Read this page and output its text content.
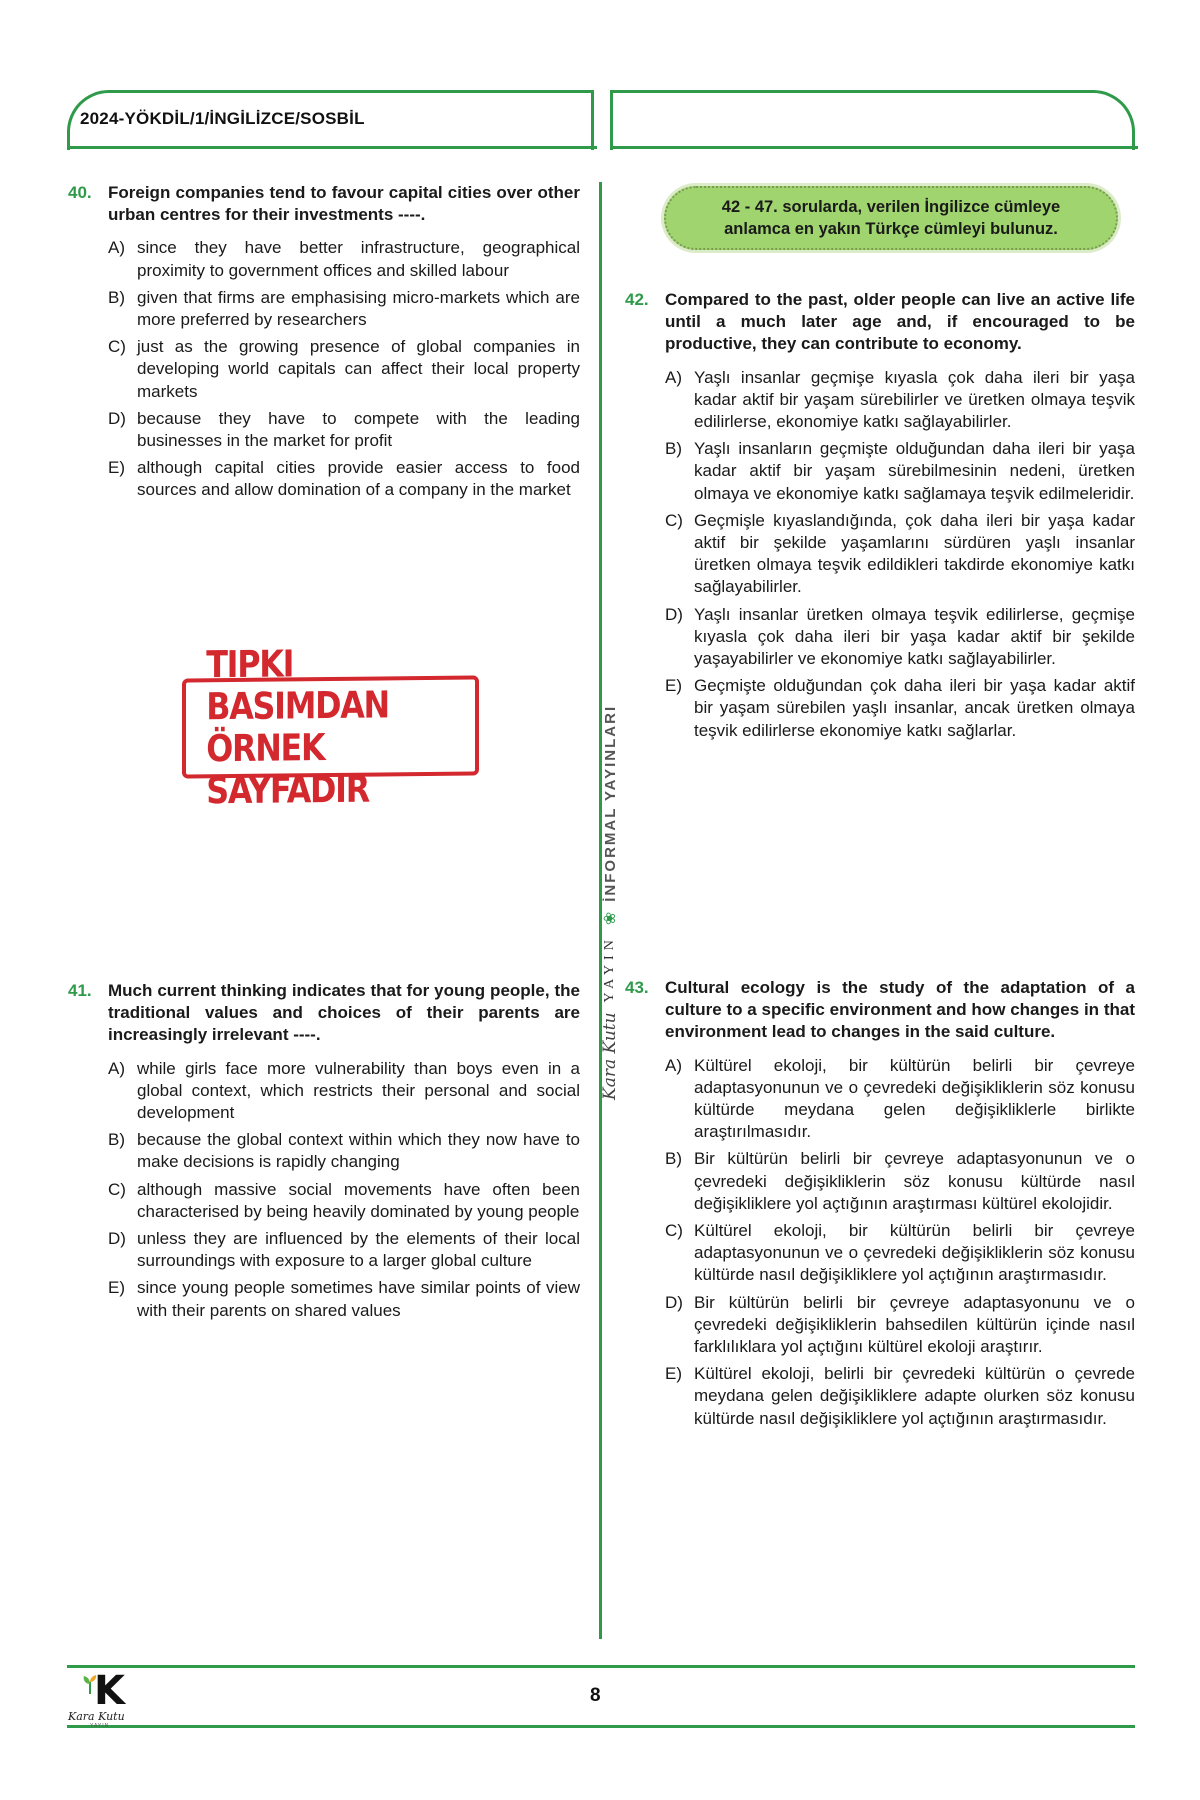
2024-YÖKDİL/1/İNGİLİZCE/SOSBİL
Kara Kutu
YAYIN
❀
İNFORMAL YAYINLARI
40. Foreign companies tend to favour capital cities over other urban centres for their investments ----.
A) since they have better infrastructure, geographical proximity to government offices and skilled labour
B) given that firms are emphasising micro-markets which are more preferred by researchers
C) just as the growing presence of global companies in developing world capitals can affect their local property markets
D) because they have to compete with the leading businesses in the market for profit
E) although capital cities provide easier access to food sources and allow domination of a company in the market
TIPKI BASIMDAN
ÖRNEK SAYFADIR
41. Much current thinking indicates that for young people, the traditional values and choices of their parents are increasingly irrelevant ----.
A) while girls face more vulnerability than boys even in a global context, which restricts their personal and social development
B) because the global context within which they now have to make decisions is rapidly changing
C) although massive social movements have often been characterised by being heavily dominated by young people
D) unless they are influenced by the elements of their local surroundings with exposure to a larger global culture
E) since young people sometimes have similar points of view with their parents on shared values
42 - 47. sorularda, verilen İngilizce cümleye
anlamca en yakın Türkçe cümleyi bulunuz.
42. Compared to the past, older people can live an active life until a much later age and, if encouraged to be productive, they can contribute to economy.
A) Yaşlı insanlar geçmişe kıyasla çok daha ileri bir yaşa kadar aktif bir yaşam sürebilirler ve üretken olmaya teşvik edilirlerse, ekonomiye katkı sağlayabilirler.
B) Yaşlı insanların geçmişte olduğundan daha ileri bir yaşa kadar aktif bir yaşam sürebilmesinin nedeni, üretken olmaya ve ekonomiye katkı sağlamaya teşvik edilmeleridir.
C) Geçmişle kıyaslandığında, çok daha ileri bir yaşa kadar aktif bir şekilde yaşamlarını sürdüren yaşlı insanlar üretken olmaya teşvik edildikleri takdirde ekonomiye katkı sağlayabilirler.
D) Yaşlı insanlar üretken olmaya teşvik edilirlerse, geçmişe kıyasla çok daha ileri bir yaşa kadar aktif bir şekilde yaşayabilirler ve ekonomiye katkı sağlayabilirler.
E) Geçmişte olduğundan çok daha ileri bir yaşa kadar aktif bir yaşam sürebilen yaşlı insanlar, ancak üretken olmaya teşvik edilirlerse ekonomiye katkı sağlarlar.
43. Cultural ecology is the study of the adaptation of a culture to a specific environment and how changes in that environment lead to changes in the said culture.
A) Kültürel ekoloji, bir kültürün belirli bir çevreye adaptasyonunun ve o çevredeki değişikliklerin söz konusu kültürde meydana gelen değişikliklerle birlikte araştırılmasıdır.
B) Bir kültürün belirli bir çevreye adaptasyonunun ve o çevredeki değişikliklerin söz konusu kültürde nasıl değişikliklere yol açtığının araştırması kültürel ekolojidir.
C) Kültürel ekoloji, bir kültürün belirli bir çevreye adaptasyonunun ve o çevredeki değişikliklerin söz konusu kültürde nasıl değişikliklere yol açtığının araştırmasıdır.
D) Bir kültürün belirli bir çevreye adaptasyonunu ve o çevredeki değişikliklerin bahsedilen kültürün içinde nasıl farklılıklara yol açtığını kültürel ekoloji araştırır.
E) Kültürel ekoloji, belirli bir çevredeki kültürün o çevrede meydana gelen değişikliklere adapte olurken söz konusu kültürde nasıl değişikliklere yol açtığının araştırmasıdır.
K
Kara Kutu
YAYIN
8
